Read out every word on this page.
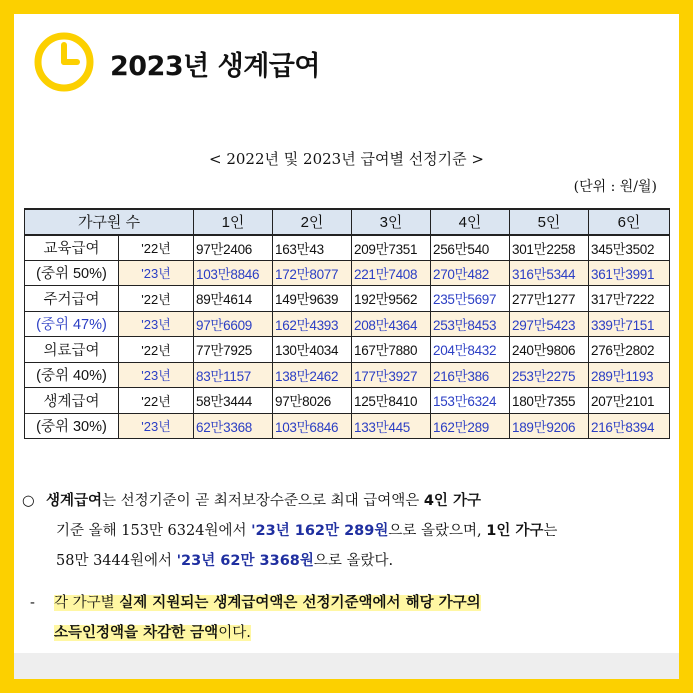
2023년 생계급여
< 2022년 및 2023년 급여별 선정기준 >
(단위 : 원/월)
가구원 수		1인	2인	3인	4인	5인	6인
교육급여	'22년	97만2406	163만43	209만7351	256만540	301만2258	345만3502
(중위 50%)	'23년	103만8846	172만8077	221만7408	270만482	316만5344	361만3991
주거급여	'22년	89만4614	149만9639	192만9562	235만5697	277만1277	317만7222
(중위 47%)	'23년	97만6609	162만4393	208만4364	253만8453	297만5423	339만7151
의료급여	'22년	77만7925	130만4034	167만7880	204만8432	240만9806	276만2802
(중위 40%)	'23년	83만1157	138만2462	177만3927	216만386	253만2275	289만1193
생계급여	'22년	58만3444	97만8026	125만8410	153만6324	180만7355	207만2101
(중위 30%)	'23년	62만3368	103만6846	133만445	162만289	189만9206	216만8394
○ 생계급여는 선정기준이 곧 최저보장수준으로 최대 급여액은 4인 가구
기준 올해 153만 6324원에서 '23년 162만 289원으로 올랐으며, 1인 가구는
58만 3444원에서 '23년 62만 3368원으로 올랐다.
- 각 가구별 실제 지원되는 생계급여액은 선정기준액에서 해당 가구의
소득인정액을 차감한 금액이다.
